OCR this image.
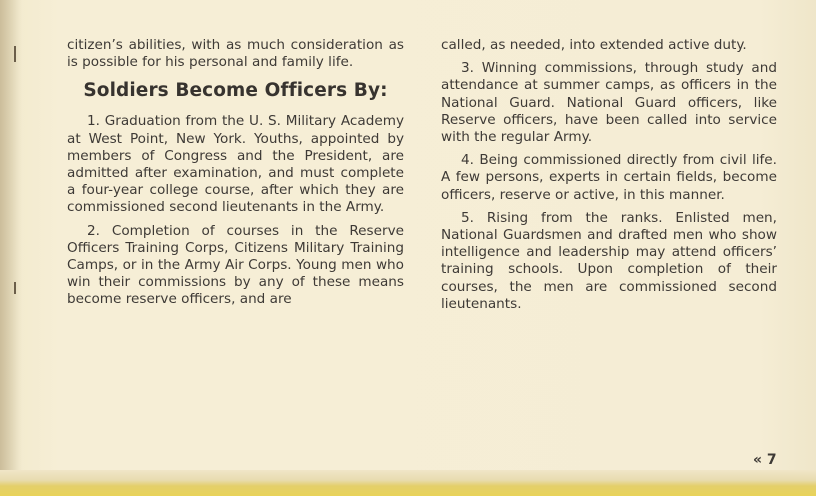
citizen’s abilities, with as much consideration as is possible for his personal and family life.

Soldiers Become Officers By:

1. Graduation from the U. S. Military Academy at West Point, New York. Youths, appointed by members of Congress and the President, are admitted after examination, and must complete a four-year college course, after which they are commissioned second lieutenants in the Army.

2. Completion of courses in the Reserve Officers Training Corps, Citizens Military Training Camps, or in the Army Air Corps. Young men who win their commissions by any of these means become reserve officers, and are

called, as needed, into extended active duty.

3. Winning commissions, through study and attendance at summer camps, as officers in the National Guard. National Guard officers, like Reserve officers, have been called into service with the regular Army.

4. Being commissioned directly from civil life. A few persons, experts in certain fields, become officers, reserve or active, in this manner.

5. Rising from the ranks. Enlisted men, National Guardsmen and drafted men who show intelligence and leadership may attend officers’ training schools. Upon completion of their courses, the men are commissioned second lieutenants.

« 7
